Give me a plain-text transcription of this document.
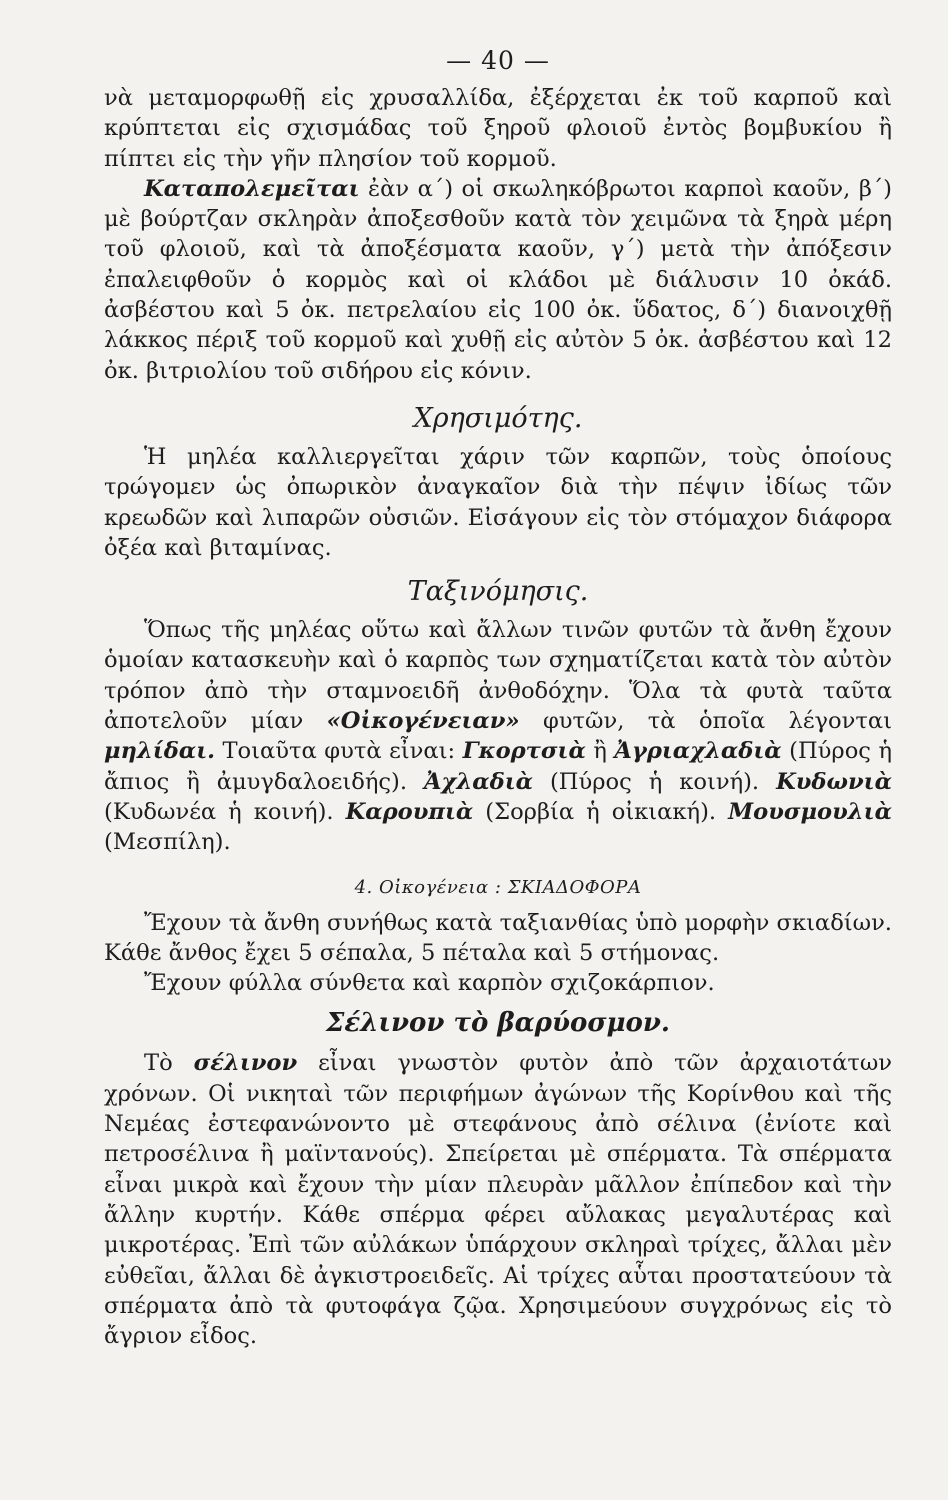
— 40 —

νὰ μεταμορφωθῇ εἰς χρυσαλλίδα, ἐξέρχεται ἐκ τοῦ καρποῦ καὶ κρύπτεται εἰς σχισμάδας τοῦ ξηροῦ φλοιοῦ ἐντὸς βομβυκίου ἢ πίπτει εἰς τὴν γῆν πλησίον τοῦ κορμοῦ.

Καταπολεμεῖται ἐὰν α΄) οἱ σκωληκόβρωτοι καρποὶ καοῦν, β΄) μὲ βούρτζαν σκληρὰν ἀποξεσθοῦν κατὰ τὸν χειμῶνα τὰ ξηρὰ μέρη τοῦ φλοιοῦ, καὶ τὰ ἀποξέσματα καοῦν, γ΄) μετὰ τὴν ἀπόξεσιν ἐπαλειφθοῦν ὁ κορμὸς καὶ οἱ κλάδοι μὲ διάλυσιν 10 ὀκάδ. ἀσβέστου καὶ 5 ὀκ. πετρελαίου εἰς 100 ὀκ. ὕδατος, δ΄) διανοιχθῇ λάκκος πέριξ τοῦ κορμοῦ καὶ χυθῇ εἰς αὐτὸν 5 ὀκ. ἀσβέστου καὶ 12 ὀκ. βιτριολίου τοῦ σιδήρου εἰς κόνιν.

Χρησιμότης.

Ἡ μηλέα καλλιεργεῖται χάριν τῶν καρπῶν, τοὺς ὁποίους τρώγομεν ὡς ὀπωρικὸν ἀναγκαῖον διὰ τὴν πέψιν ἰδίως τῶν κρεωδῶν καὶ λιπαρῶν οὐσιῶν. Εἰσάγουν εἰς τὸν στόμαχον διάφορα ὀξέα καὶ βιταμίνας.

Ταξινόμησις.

Ὅπως τῆς μηλέας οὕτω καὶ ἄλλων τινῶν φυτῶν τὰ ἄνθη ἔχουν ὁμοίαν κατασκευὴν καὶ ὁ καρπὸς των σχηματίζεται κατὰ τὸν αὐτὸν τρόπον ἀπὸ τὴν σταμνοειδῆ ἀνθοδόχην. Ὅλα τὰ φυτὰ ταῦτα ἀποτελοῦν μίαν «Οἰκογένειαν» φυτῶν, τὰ ὁποῖα λέγονται μηλίδαι. Τοιαῦτα φυτὰ εἶναι: Γκορτσιὰ ἢ Ἀγριαχλαδιὰ (Πύρος ἡ ἄπιος ἢ ἀμυγδαλοειδής). Ἀχλαδιὰ (Πύρος ἡ κοινή). Κυδωνιὰ (Κυδωνέα ἡ κοινή). Καρουπιὰ (Σορβία ἡ οἰκιακή). Μουσμουλιὰ (Μεσπίλη).

4. Οἰκογένεια : ΣΚΙΑΔΟΦΟΡΑ

Ἔχουν τὰ ἄνθη συνήθως κατὰ ταξιανθίας ὑπὸ μορφὴν σκιαδίων. Κάθε ἄνθος ἔχει 5 σέπαλα, 5 πέταλα καὶ 5 στήμονας.

Ἔχουν φύλλα σύνθετα καὶ καρπὸν σχιζοκάρπιον.

Σέλινον τὸ βαρύοσμον.

Τὸ σέλινον εἶναι γνωστὸν φυτὸν ἀπὸ τῶν ἀρχαιοτάτων χρόνων. Οἱ νικηταὶ τῶν περιφήμων ἀγώνων τῆς Κορίνθου καὶ τῆς Νεμέας ἐστεφανώνοντο μὲ στεφάνους ἀπὸ σέλινα (ἐνίοτε καὶ πετροσέλινα ἢ μαϊντανούς). Σπείρεται μὲ σπέρματα. Τὰ σπέρματα εἶναι μικρὰ καὶ ἔχουν τὴν μίαν πλευρὰν μᾶλλον ἐπίπεδον καὶ τὴν ἄλλην κυρτήν. Κάθε σπέρμα φέρει αὔλακας μεγαλυτέρας καὶ μικροτέρας. Ἐπὶ τῶν αὐλάκων ὑπάρχουν σκληραὶ τρίχες, ἄλλαι μὲν εὐθεῖαι, ἄλλαι δὲ ἀγκιστροειδεῖς. Αἱ τρίχες αὗται προστατεύουν τὰ σπέρματα ἀπὸ τὰ φυτοφάγα ζῷα. Χρησιμεύουν συγχρόνως εἰς τὸ ἄγριον εἶδος.
